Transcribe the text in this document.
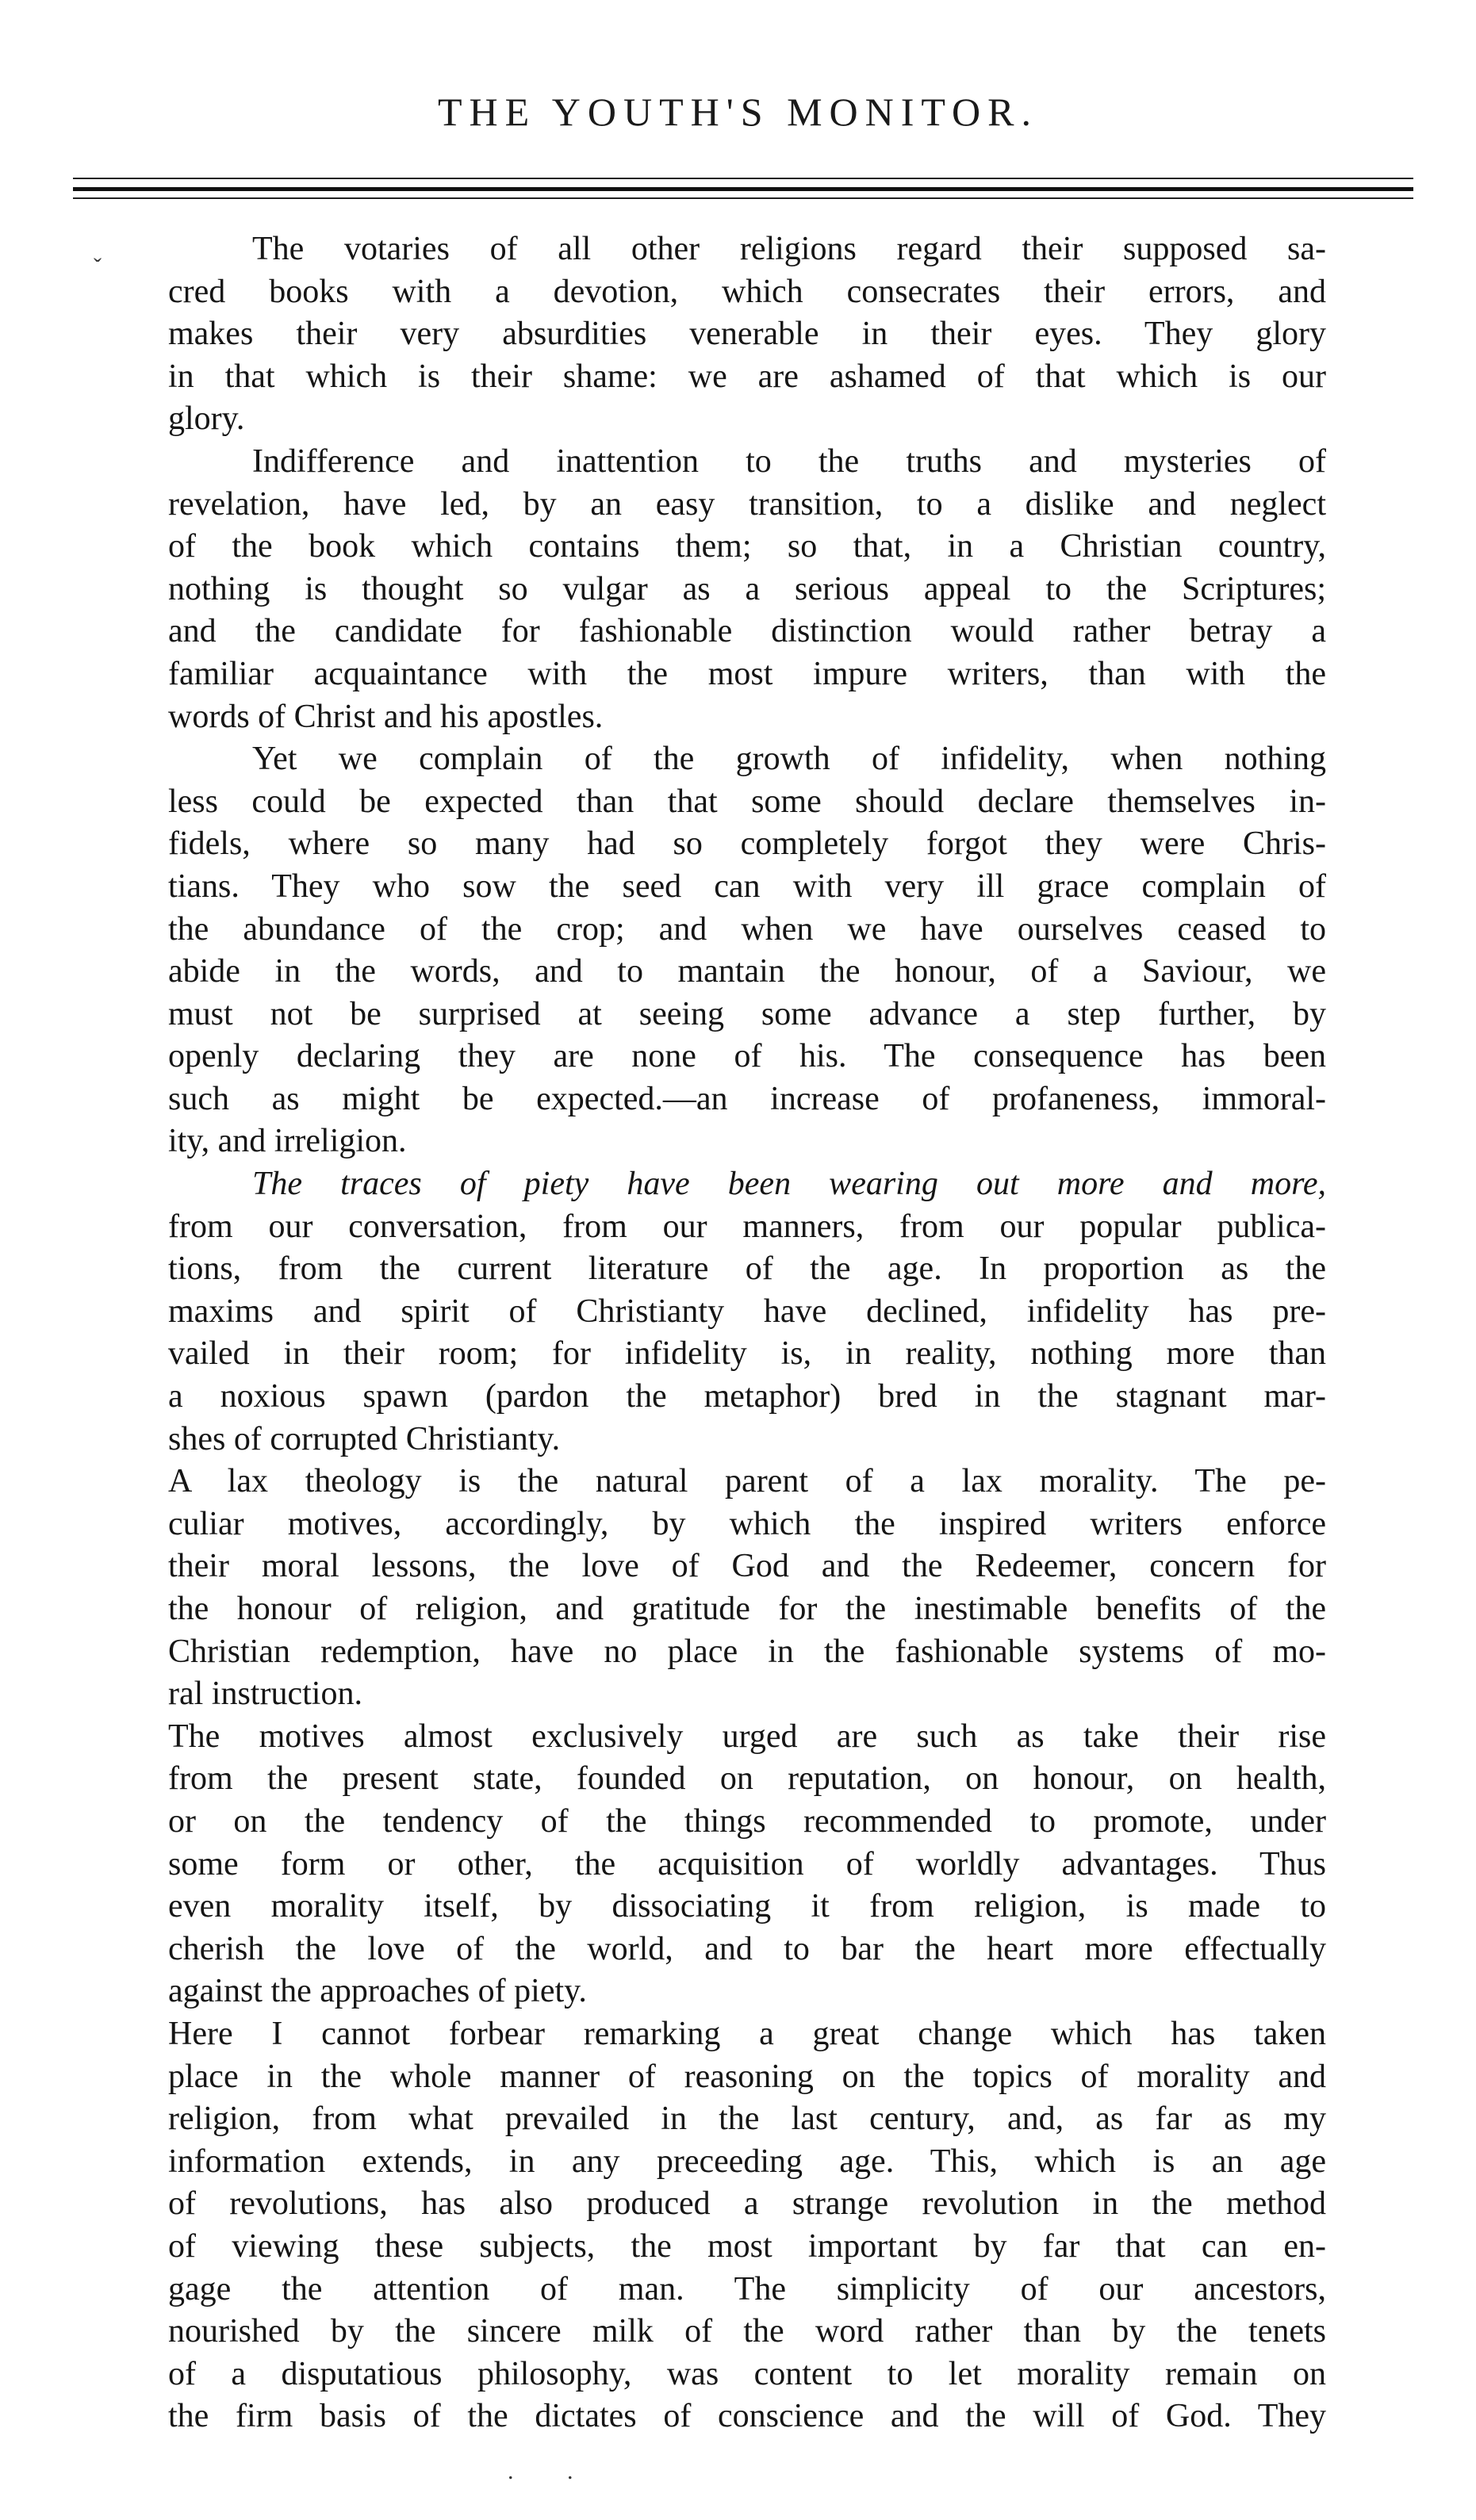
THE YOUTH'S MONITOR.
ˇ	The votaries of all other religions regard their supposed sa-
cred books with a devotion, which consecrates their errors, and
makes their very absurdities venerable in their eyes. They glory
in that which is their shame: we are ashamed of that which is our
glory.
Indifference and inattention to the truths and mysteries of
revelation, have led, by an easy transition, to a dislike and neglect
of the book which contains them; so that, in a Christian country,
nothing is thought so vulgar as a serious appeal to the Scriptures;
and the candidate for fashionable distinction would rather betray a
familiar acquaintance with the most impure writers, than with the
words of Christ and his apostles.
Yet we complain of the growth of infidelity, when nothing
less could be expected than that some should declare themselves in-
fidels, where so many had so completely forgot they were Chris-
tians. They who sow the seed can with very ill grace complain of
the abundance of the crop; and when we have ourselves ceased to
abide in the words, and to mantain the honour, of a Saviour, we
must not be surprised at seeing some advance a step further, by
openly declaring they are none of his. The consequence has been
such as might be expected.—an increase of profaneness, immoral-
ity, and irreligion.
The traces of piety have been wearing out more and more,
from our conversation, from our manners, from our popular publica-
tions, from the current literature of the age. In proportion as the
maxims and spirit of Christianty have declined, infidelity has pre-
vailed in their room; for infidelity is, in reality, nothing more than
a noxious spawn (pardon the metaphor) bred in the stagnant mar-
shes of corrupted Christianty.
A lax theology is the natural parent of a lax morality. The pe-
culiar motives, accordingly, by which the inspired writers enforce
their moral lessons, the love of God and the Redeemer, concern for
the honour of religion, and gratitude for the inestimable benefits of the
Christian redemption, have no place in the fashionable systems of mo-
ral instruction.
The motives almost exclusively urged are such as take their rise
from the present state, founded on reputation, on honour, on health,
or on the tendency of the things recommended to promote, under
some form or other, the acquisition of worldly advantages. Thus
even morality itself, by dissociating it from religion, is made to
cherish the love of the world, and to bar the heart more effectually
against the approaches of piety.
Here I cannot forbear remarking a great change which has taken
place in the whole manner of reasoning on the topics of morality and
religion, from what prevailed in the last century, and, as far as my
information extends, in any preceeding age. This, which is an age
of revolutions, has also produced a strange revolution in the method
of viewing these subjects, the most important by far that can en-
gage the attention of man. The simplicity of our ancestors,
nourished by the sincere milk of the word rather than by the tenets
of a disputatious philosophy, was content to let morality remain on
the firm basis of the dictates of conscience and the will of God. They
. .
